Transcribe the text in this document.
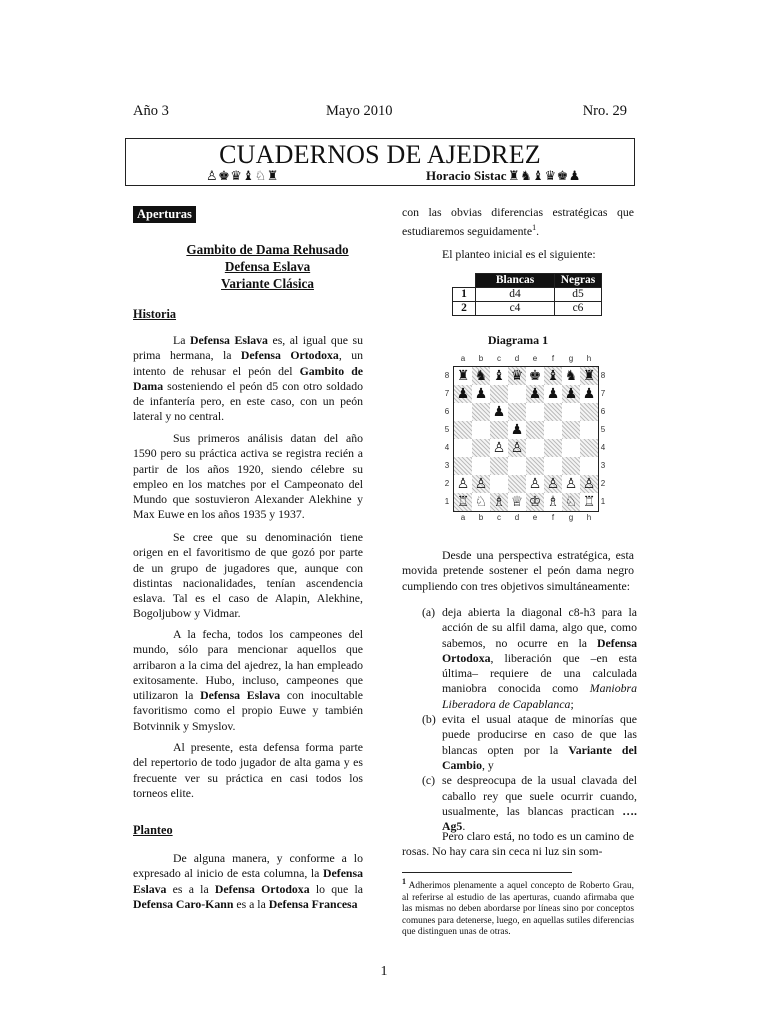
Año 3	Mayo 2010	Nro. 29
CUADERNOS DE AJEDREZ
♙♚♛♝♘♜	Horacio Sistac ♜♞♝♛♚♟
Aperturas
Gambito de Dama Rehusado
Defensa Eslava
Variante Clásica
Historia

La Defensa Eslava es, al igual que su prima hermana, la Defensa Ortodoxa, un intento de rehusar el peón del Gambito de Dama sosteniendo el peón d5 con otro soldado de infantería pero, en este caso, con un peón lateral y no central.

Sus primeros análisis datan del año 1590 pero su práctica activa se registra recién a partir de los años 1920, siendo célebre su empleo en los matches por el Campeonato del Mundo que sostuvieron Alexander Alekhine y Max Euwe en los años 1935 y 1937.

Se cree que su denominación tiene origen en el favoritismo de que gozó por parte de un grupo de jugadores que, aunque con distintas nacionalidades, tenían ascendencia eslava. Tal es el caso de Alapin, Alekhine, Bogoljubow y Vidmar.

A la fecha, todos los campeones del mundo, sólo para mencionar aquellos que arribaron a la cima del ajedrez, la han empleado exitosamente. Hubo, incluso, campeones que utilizaron la Defensa Eslava con inocultable favoritismo como el propio Euwe y también Botvinnik y Smyslov.

Al presente, esta defensa forma parte del repertorio de todo jugador de alta gama y es frecuente ver su práctica en casi todos los torneos elite.

Planteo

De alguna manera, y conforme a lo expresado al inicio de esta columna, la Defensa Eslava es a la Defensa Ortodoxa lo que la Defensa Caro-Kann es a la Defensa Francesa

con las obvias diferencias estratégicas que estudiaremos seguidamente$^1$.

El planteo inicial es el siguiente:

	Blancas	Negras
1	d4	d5
2	c4	c6
Diagrama 1
♜ ♞ ♝ ♛ ♚ ♝ ♞ ♜
♟ ♟	♟ ♟ ♟ ♟
♟
♟
♙ ♙
♙ ♙	♙ ♙ ♙ ♙
♖ ♘ ♗ ♕ ♔ ♗ ♘ ♖
a
a
b
b
c
c
d
d
e
e
f
f
g
g
h
h
8	8
7	7
6	6
5	5
4	4
3	3
2	2
1	1

Desde una perspectiva estratégica, esta movida pretende sostener el peón dama negro cumpliendo con tres objetivos simultáneamente:

(a) deja abierta la diagonal c8-h3 para la acción de su alfil dama, algo que, como sabemos, no ocurre en la Defensa Ortodoxa, liberación que –en esta última– requiere de una calculada maniobra conocida como Maniobra Liberadora de Capablanca;
(b) evita el usual ataque de minorías que puede producirse en caso de que las blancas opten por la Variante del Cambio, y
(c) se despreocupa de la usual clavada del caballo rey que suele ocurrir cuando, usualmente, las blancas practican …. Ag5.

Pero claro está, no todo es un camino de rosas. No hay cara sin ceca ni luz sin som-

$^1$ Adherimos plenamente a aquel concepto de Roberto Grau, al referirse al estudio de las aperturas, cuando afirmaba que las mismas no deben abordarse por líneas sino por conceptos comunes para detenerse, luego, en aquellas sutiles diferencias que distinguen unas de otras.
1
